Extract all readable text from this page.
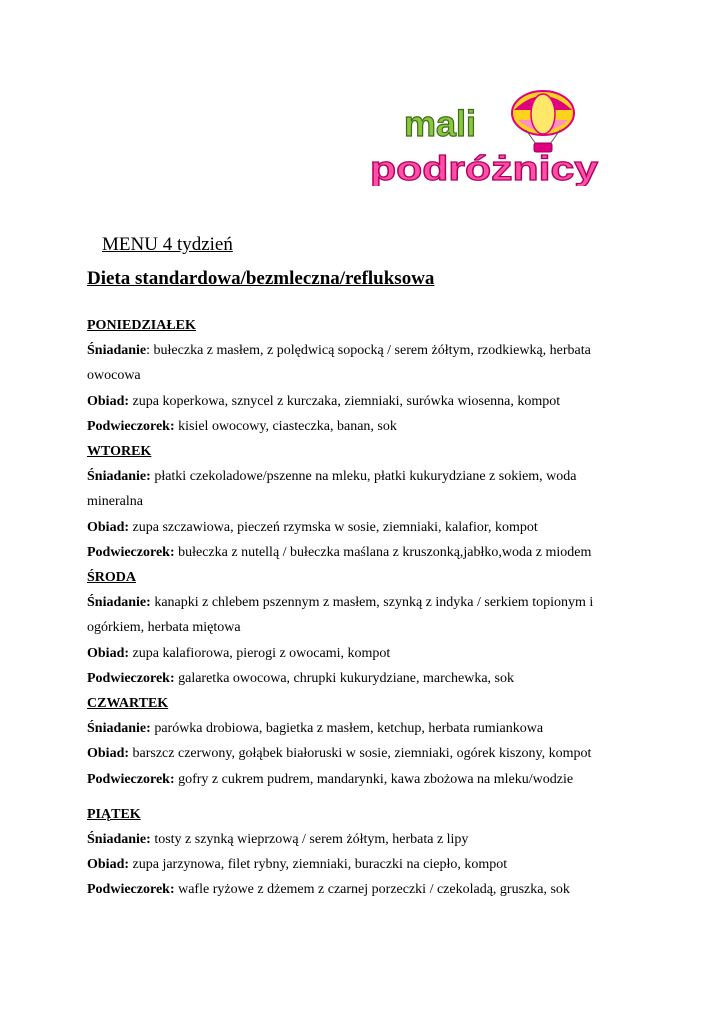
mali
podróżnicy
MENU 4 tydzień
Dieta standardowa/bezmleczna/refluksowa
PONIEDZIAŁEK
Śniadanie: bułeczka z masłem, z polędwicą sopocką / serem żółtym, rzodkiewką, herbata owocowa
Obiad: zupa koperkowa, sznycel z kurczaka, ziemniaki, surówka wiosenna, kompot
Podwieczorek: kisiel owocowy, ciasteczka, banan, sok
WTOREK
Śniadanie: płatki czekoladowe/pszenne na mleku, płatki kukurydziane z sokiem, woda mineralna
Obiad: zupa szczawiowa, pieczeń rzymska w sosie, ziemniaki, kalafior, kompot
Podwieczorek: bułeczka z nutellą / bułeczka maślana z kruszonką,jabłko,woda z miodem
ŚRODA
Śniadanie: kanapki z chlebem pszennym z masłem, szynką z indyka / serkiem topionym i ogórkiem, herbata miętowa
Obiad: zupa kalafiorowa, pierogi z owocami, kompot
Podwieczorek: galaretka owocowa, chrupki kukurydziane, marchewka, sok
CZWARTEK
Śniadanie: parówka drobiowa, bagietka z masłem, ketchup, herbata rumiankowa
Obiad: barszcz czerwony, gołąbek białoruski w sosie, ziemniaki, ogórek kiszony, kompot
Podwieczorek: gofry z cukrem pudrem, mandarynki, kawa zbożowa na mleku/wodzie
PIĄTEK
Śniadanie: tosty z szynką wieprzową / serem żółtym, herbata z lipy
Obiad: zupa jarzynowa, filet rybny, ziemniaki, buraczki na ciepło, kompot
Podwieczorek: wafle ryżowe z dżemem z czarnej porzeczki / czekoladą, gruszka, sok
